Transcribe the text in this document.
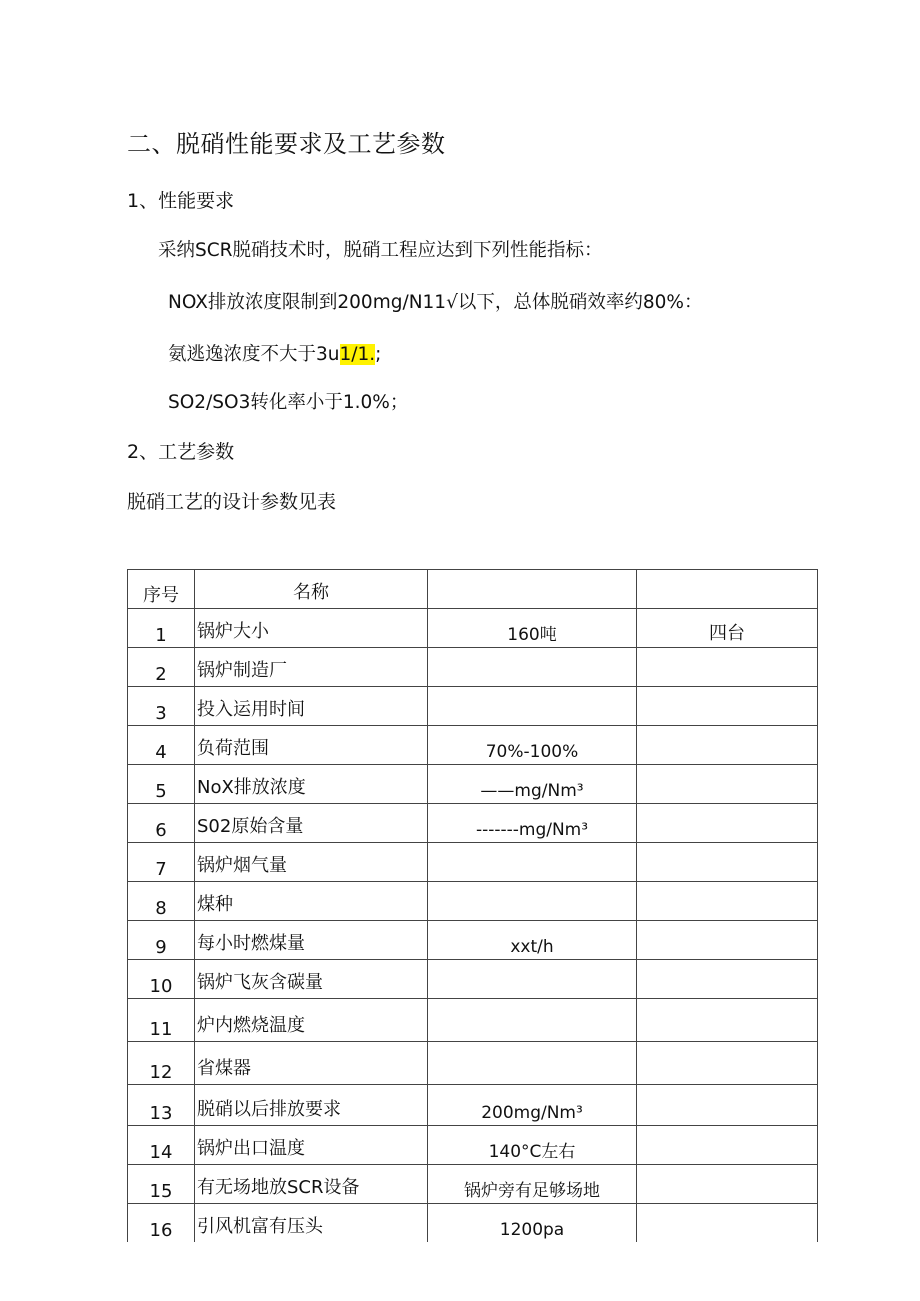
二、脱硝性能要求及工艺参数
1、性能要求
采纳SCR脱硝技术时，脱硝工程应达到下列性能指标：
NOX排放浓度限制到200mg∕N11√以下，总体脱硝效率约80%：
氨逃逸浓度不大于3u1∕1.;
SO2/SO3转化率小于1.0%；
2、工艺参数
脱硝工艺的设计参数见表
序号	名称		
1	锅炉大小	160吨	四台
2	锅炉制造厂		
3	投入运用时间		
4	负荷范围	70%-100%	
5	NoX排放浓度	——mg∕Nm³	
6	S02原始含量	-------mg∕Nm³	
7	锅炉烟气量		
8	煤种		
9	每小时燃煤量	xxt/h	
10	锅炉飞灰含碳量		
11	炉内燃烧温度		
12	省煤器		
13	脱硝以后排放要求	200mg∕Nm³	
14	锅炉出口温度	140°C左右	
15	有无场地放SCR设备	锅炉旁有足够场地	
16	引风机富有压头	1200pa	
